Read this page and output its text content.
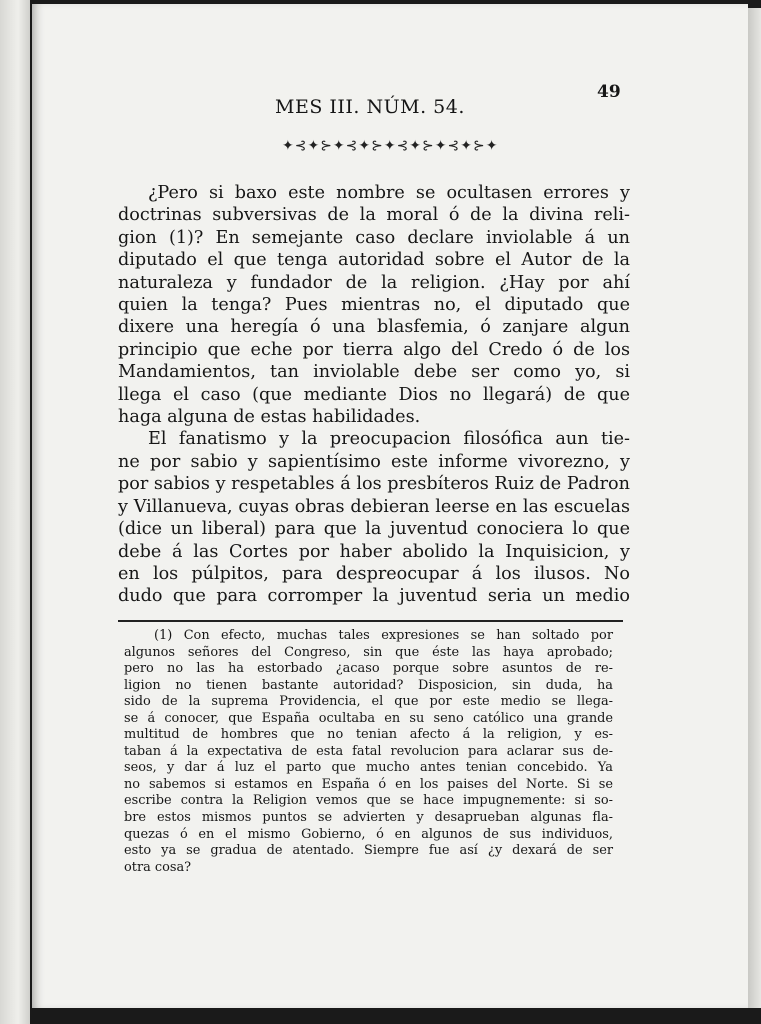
MES III. NÚM. 54.
49
✦⊰✦⊱✦⊰✦⊱✦⊰✦⊱✦⊰✦⊱✦
¿Pero si baxo este nombre se ocultasen errores y
doctrinas subversivas de la moral ó de la divina reli-
gion (1)? En semejante caso declare inviolable á un
diputado el que tenga autoridad sobre el Autor de la
naturaleza y fundador de la religion. ¿Hay por ahí
quien la tenga? Pues mientras no, el diputado que
dixere una heregía ó una blasfemia, ó zanjare algun
principio que eche por tierra algo del Credo ó de los
Mandamientos, tan inviolable debe ser como yo, si
llega el caso (que mediante Dios no llegará) de que
haga alguna de estas habilidades.
El fanatismo y la preocupacion filosófica aun tie-
ne por sabio y sapientísimo este informe vivorezno, y
por sabios y respetables á los presbíteros Ruiz de Padron
y Villanueva, cuyas obras debieran leerse en las escuelas
(dice un liberal) para que la juventud conociera lo que
debe á las Cortes por haber abolido la Inquisicion, y
en los púlpitos, para despreocupar á los ilusos. No
dudo que para corromper la juventud seria un medio
(1) Con efecto, muchas tales expresiones se han soltado por
algunos señores del Congreso, sin que éste las haya aprobado;
pero no las ha estorbado ¿acaso porque sobre asuntos de re-
ligion no tienen bastante autoridad? Disposicion, sin duda, ha
sido de la suprema Providencia, el que por este medio se llega-
se á conocer, que España ocultaba en su seno católico una grande
multitud de hombres que no tenian afecto á la religion, y es-
taban á la expectativa de esta fatal revolucion para aclarar sus de-
seos, y dar á luz el parto que mucho antes tenian concebido. Ya
no sabemos si estamos en España ó en los paises del Norte. Si se
escribe contra la Religion vemos que se hace impugnemente: si so-
bre estos mismos puntos se advierten y desaprueban algunas fla-
quezas ó en el mismo Gobierno, ó en algunos de sus individuos,
esto ya se gradua de atentado. Siempre fue así ¿y dexará de ser
otra cosa?
